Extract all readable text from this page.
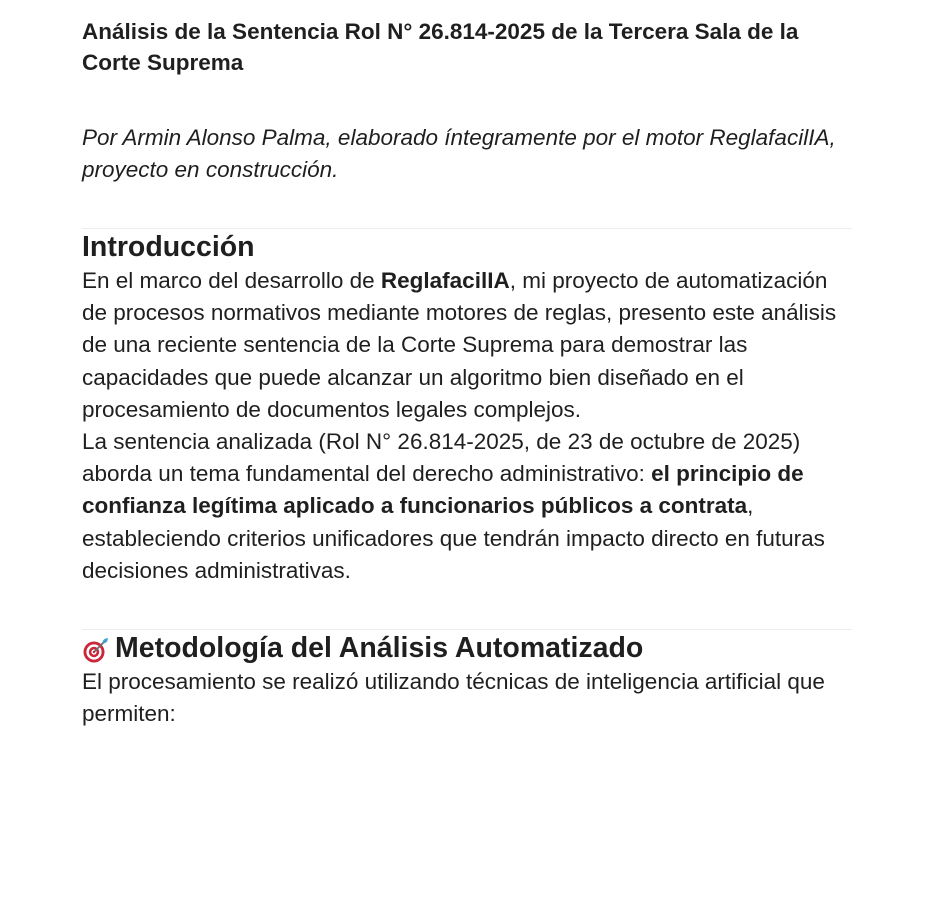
Análisis de la Sentencia Rol N° 26.814-2025 de la Tercera Sala de la Corte Suprema

Por Armin Alonso Palma, elaborado íntegramente por el motor ReglafacilIA, proyecto en construcción.

Introducción

En el marco del desarrollo de ReglafacilIA, mi proyecto de automatización de procesos normativos mediante motores de reglas, presento este análisis de una reciente sentencia de la Corte Suprema para demostrar las capacidades que puede alcanzar un algoritmo bien diseñado en el procesamiento de documentos legales complejos.

La sentencia analizada (Rol N° 26.814-2025, de 23 de octubre de 2025) aborda un tema fundamental del derecho administrativo: el principio de confianza legítima aplicado a funcionarios públicos a contrata, estableciendo criterios unificadores que tendrán impacto directo en futuras decisiones administrativas.

Metodología del Análisis Automatizado

El procesamiento se realizó utilizando técnicas de inteligencia artificial que permiten:
